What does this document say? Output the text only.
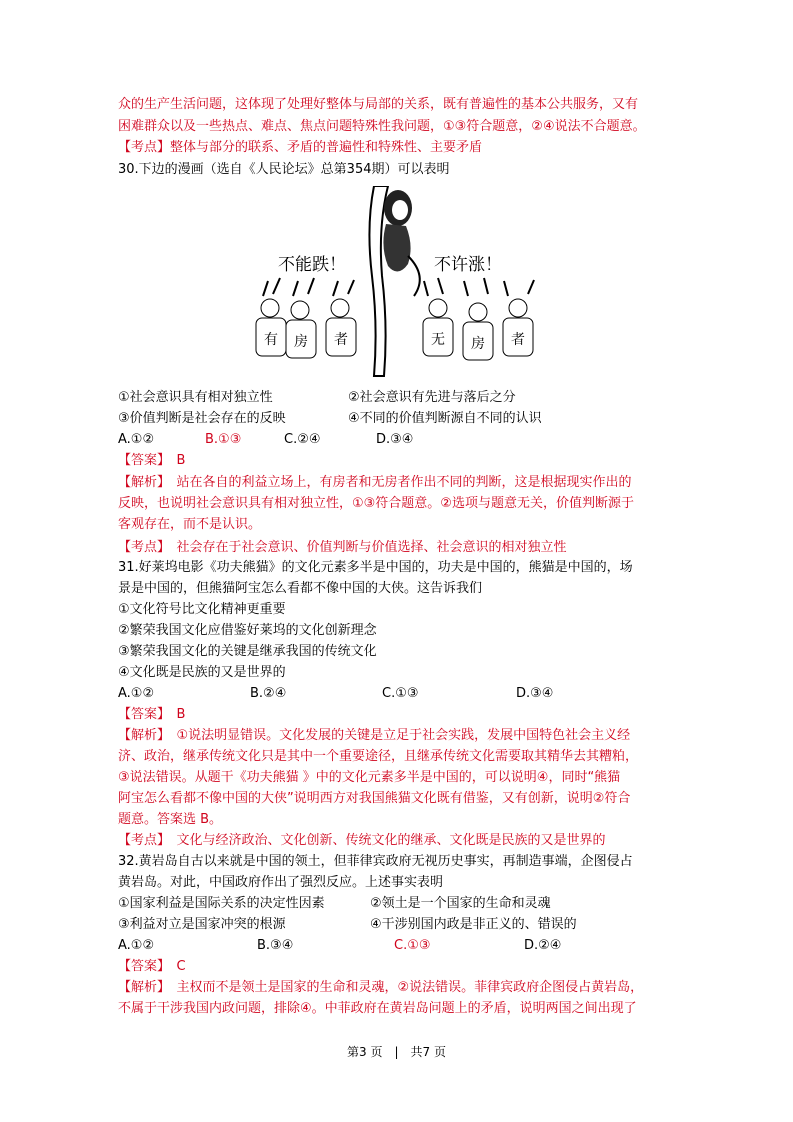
众的生产生活问题，这体现了处理好整体与局部的关系，既有普遍性的基本公共服务，又有
困难群众以及一些热点、难点、焦点问题特殊性我问题，①③符合题意，②④说法不合题意。
【考点】整体与部分的联系、矛盾的普遍性和特殊性、主要矛盾
30.下边的漫画（选自《人民论坛》总第354期）可以表明
不能跌！	不许涨！
有 房 者	无 房 者
①社会意识具有相对独立性	②社会意识有先进与落后之分
③价值判断是社会存在的反映	④不同的价值判断源自不同的认识
A.①②	B.①③	C.②④	D.③④
【答案】　B
【解析】　站在各自的利益立场上，有房者和无房者作出不同的判断，这是根据现实作出的
反映，也说明社会意识具有相对独立性，①③符合题意。②选项与题意无关，价值判断源于
客观存在，而不是认识。
【考点】　社会存在于社会意识、价值判断与价值选择、社会意识的相对独立性
31.好莱坞电影《功夫熊猫》的文化元素多半是中国的，功夫是中国的，熊猫是中国的，场
景是中国的，但熊猫阿宝怎么看都不像中国的大侠。这告诉我们
①文化符号比文化精神更重要
②繁荣我国文化应借鉴好莱坞的文化创新理念
③繁荣我国文化的关键是继承我国的传统文化
④文化既是民族的又是世界的
A.①②	B.②④	C.①③	D.③④
【答案】　B
【解析】　①说法明显错误。文化发展的关键是立足于社会实践，发展中国特色社会主义经
济、政治，继承传统文化只是其中一个重要途径，且继承传统文化需要取其精华去其糟粕，
③说法错误。从题干《功夫熊猫 》中的文化元素多半是中国的，可以说明④，同时“熊猫
阿宝怎么看都不像中国的大侠”说明西方对我国熊猫文化既有借鉴，又有创新，说明②符合
题意。答案选 B。
【考点】　文化与经济政治、文化创新、传统文化的继承、文化既是民族的又是世界的
32.黄岩岛自古以来就是中国的领土，但菲律宾政府无视历史事实，再制造事端，企图侵占
黄岩岛。对此，中国政府作出了强烈反应。上述事实表明
①国家利益是国际关系的决定性因素	②领土是一个国家的生命和灵魂
③利益对立是国家冲突的根源	④干涉别国内政是非正义的、错误的
A.①②	B.③④	C.①③	D.②④
【答案】　C
【解析】　主权而不是领土是国家的生命和灵魂，②说法错误。菲律宾政府企图侵占黄岩岛，
不属于干涉我国内政问题，排除④。中菲政府在黄岩岛问题上的矛盾，说明两国之间出现了
第3 页　|　共7 页
